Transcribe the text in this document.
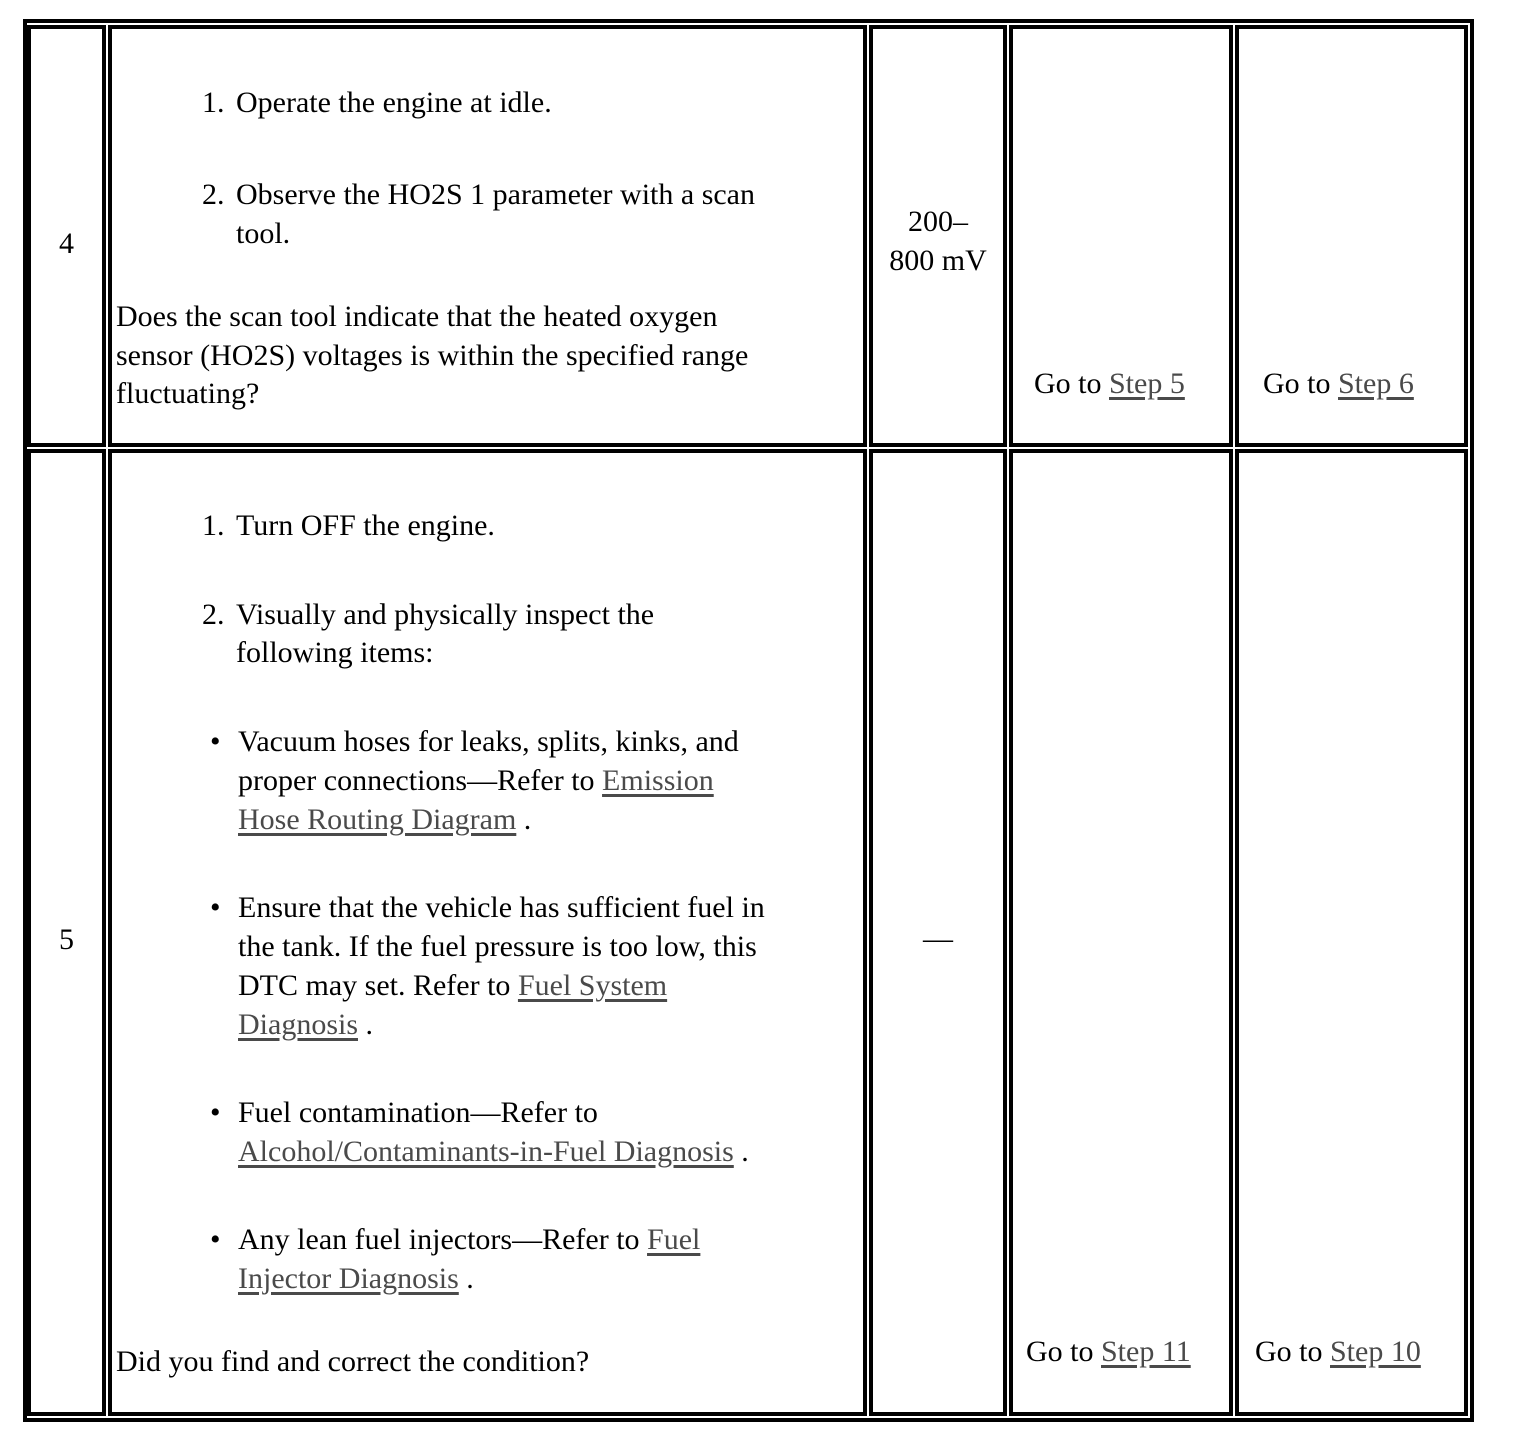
4
1. Operate the engine at idle.
2. Observe the HO2S 1 parameter with a scan
tool.
Does the scan tool indicate that the heated oxygen
sensor (HO2S) voltages is within the specified range
fluctuating?
200–
800 mV
Go to Step 5	Go to Step 6
5
1. Turn OFF the engine.
2. Visually and physically inspect the
following items:
• Vacuum hoses for leaks, splits, kinks, and
proper connections—Refer to Emission
Hose Routing Diagram .
• Ensure that the vehicle has sufficient fuel in
the tank. If the fuel pressure is too low, this
DTC may set. Refer to Fuel System
Diagnosis .
• Fuel contamination—Refer to
Alcohol/Contaminants-in-Fuel Diagnosis .
• Any lean fuel injectors—Refer to Fuel
Injector Diagnosis .
Did you find and correct the condition?
—
Go to Step 11 Go to Step 10
